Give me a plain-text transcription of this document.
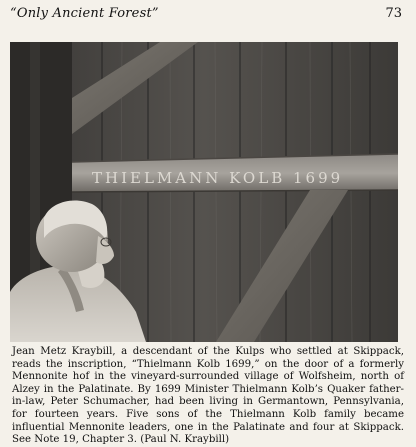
“Only Ancient Forest”	73
THIELMANN KOLB 1699

Jean Metz Kraybill, a descendant of the Kulps who settled at Skippack, reads the inscription, “Thielmann Kolb 1699,” on the door of a formerly Mennonite hof in the vineyard-surrounded village of Wolfsheim, north of Alzey in the Palatinate. By 1699 Minister Thielmann Kolb’s Quaker father-in-law, Peter Schumacher, had been living in Germantown, Pennsylvania, for fourteen years. Five sons of the Thielmann Kolb family became influential Mennonite leaders, one in the Palatinate and four at Skippack. See Note 19, Chapter 3. (Paul N. Kraybill)
